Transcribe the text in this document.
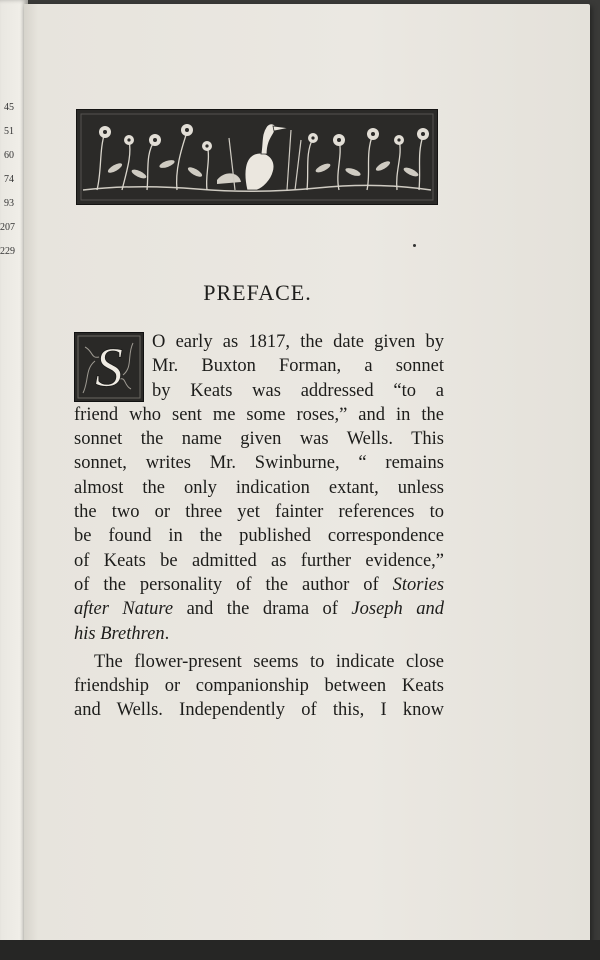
45
51
60
74
93
207
229
PREFACE.
S	O early as 1817, the date given by
Mr. Buxton Forman, a sonnet
by Keats was addressed “to a
friend who sent me some roses,” and in the
sonnet the name given was Wells. This
sonnet, writes Mr. Swinburne, “ remains
almost the only indication extant, unless
the two or three yet fainter references to
be found in the published correspondence
of Keats be admitted as further evidence,”
of the personality of the author of Stories
after Nature and the drama of Joseph and
his Brethren.
The flower-present seems to indicate close
friendship or companionship between Keats
and Wells. Independently of this, I know
